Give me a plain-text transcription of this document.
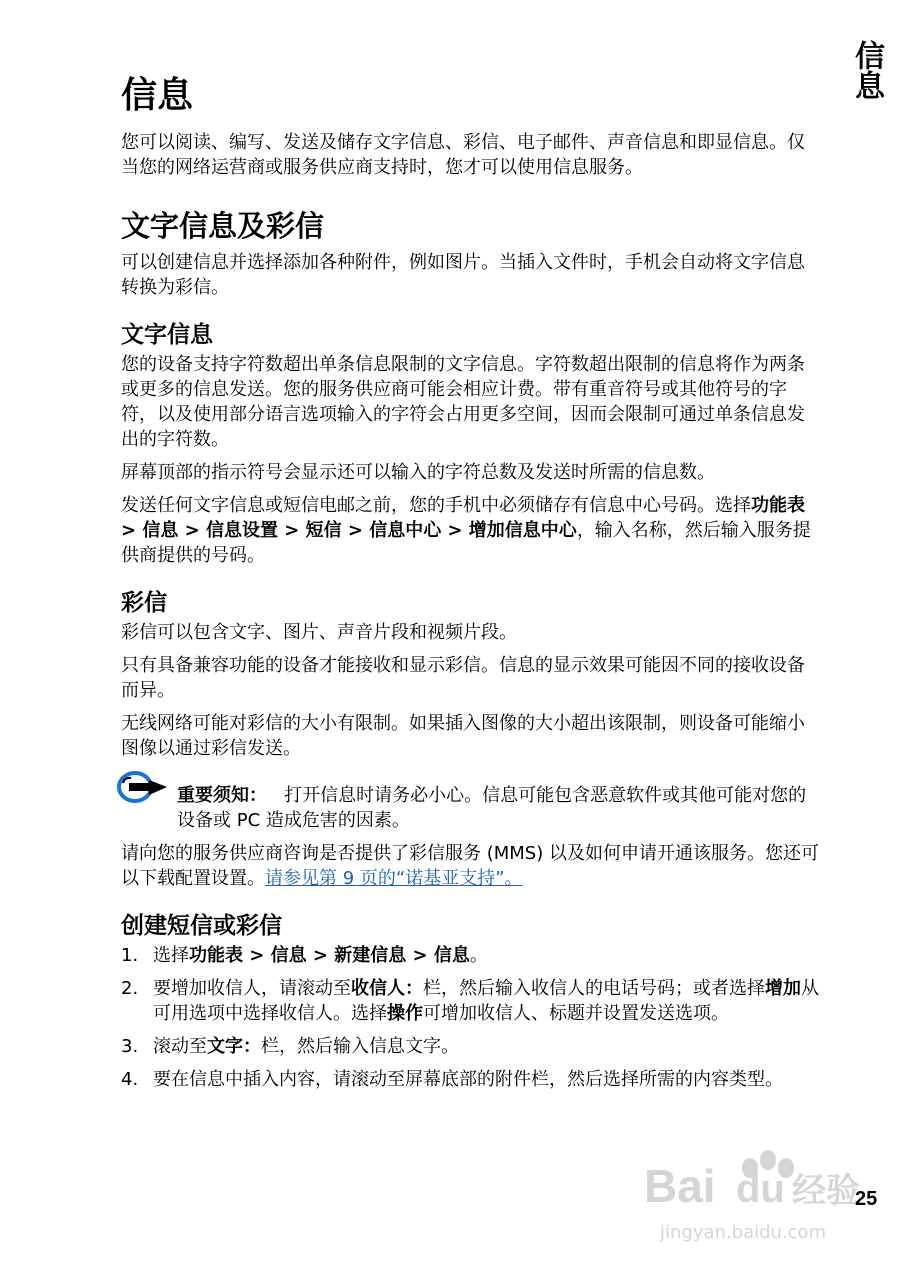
信息
信息

您可以阅读、编写、发送及储存文字信息、彩信、电子邮件、声音信息和即显信息。仅当您的网络运营商或服务供应商支持时，您才可以使用信息服务。

文字信息及彩信

可以创建信息并选择添加各种附件，例如图片。当插入文件时，手机会自动将文字信息转换为彩信。

文字信息

您的设备支持字符数超出单条信息限制的文字信息。字符数超出限制的信息将作为两条或更多的信息发送。您的服务供应商可能会相应计费。带有重音符号或其他符号的字符，以及使用部分语言选项输入的字符会占用更多空间，因而会限制可通过单条信息发出的字符数。

屏幕顶部的指示符号会显示还可以输入的字符总数及发送时所需的信息数。

发送任何文字信息或短信电邮之前，您的手机中必须储存有信息中心号码。选择功能表 > 信息 > 信息设置 > 短信 > 信息中心 > 增加信息中心，输入名称，然后输入服务提供商提供的号码。

彩信

彩信可以包含文字、图片、声音片段和视频片段。

只有具备兼容功能的设备才能接收和显示彩信。信息的显示效果可能因不同的接收设备而异。

无线网络可能对彩信的大小有限制。如果插入图像的大小超出该限制，则设备可能缩小图像以通过彩信发送。

重要须知： 打开信息时请务必小心。信息可能包含恶意软件或其他可能对您的设备或 PC 造成危害的因素。

请向您的服务供应商咨询是否提供了彩信服务 (MMS) 以及如何申请开通该服务。您还可以下载配置设置。请参见第 9 页的“诺基亚支持”。

创建短信或彩信
1. 选择功能表 > 信息 > 新建信息 > 信息。
2. 要增加收信人，请滚动至收信人：栏，然后输入收信人的电话号码；或者选择增加从可用选项中选择收信人。选择操作可增加收信人、标题并设置发送选项。
3. 滚动至文字：栏，然后输入信息文字。
4. 要在信息中插入内容，请滚动至屏幕底部的附件栏，然后选择所需的内容类型。
Bai du 经验
jingyan.baidu.com
25
